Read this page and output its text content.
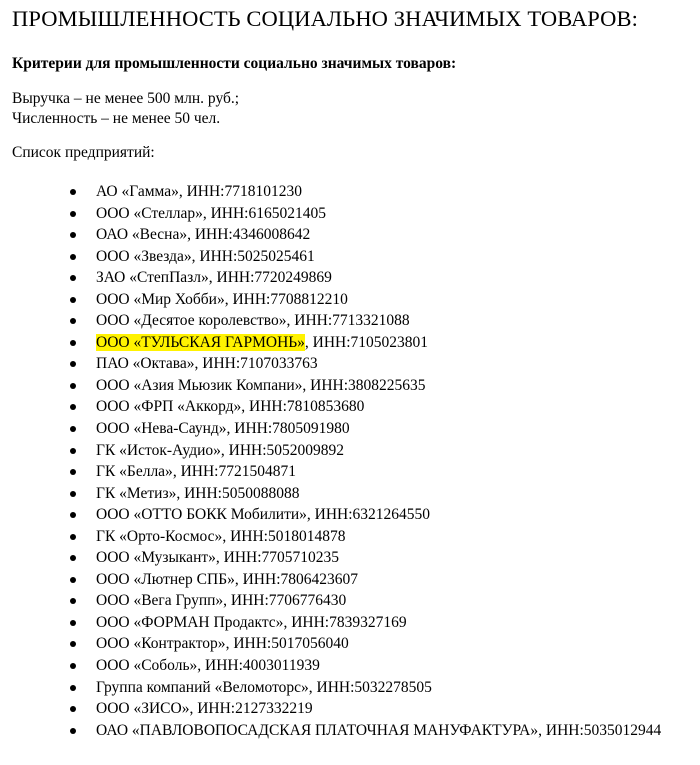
ПРОМЫШЛЕННОСТЬ СОЦИАЛЬНО ЗНАЧИМЫХ ТОВАРОВ:
Критерии для промышленности социально значимых товаров:
Выручка – не менее 500 млн. руб.;
Численность – не менее 50 чел.
Список предприятий:
АО «Гамма», ИНН:7718101230
ООО «Стеллар», ИНН:6165021405
ОАО «Весна», ИНН:4346008642
ООО «Звезда», ИНН:5025025461
ЗАО «СтепПазл», ИНН:7720249869
ООО «Мир Хобби», ИНН:7708812210
ООО «Десятое королевство», ИНН:7713321088
ООО «ТУЛЬСКАЯ ГАРМОНЬ», ИНН:7105023801
ПАО «Октава», ИНН:7107033763
ООО «Азия Мьюзик Компани», ИНН:3808225635
ООО «ФРП «Аккорд», ИНН:7810853680
ООО «Нева-Саунд», ИНН:7805091980
ГК «Исток-Аудио», ИНН:5052009892
ГК «Белла», ИНН:7721504871
ГК «Метиз», ИНН:5050088088
ООО «ОТТО БОКК Мобилити», ИНН:6321264550
ГК «Орто-Космос», ИНН:5018014878
ООО «Музыкант», ИНН:7705710235
ООО «Лютнер СПБ», ИНН:7806423607
ООО «Вега Групп», ИНН:7706776430
ООО «ФОРМАН Продактс», ИНН:7839327169
ООО «Контрактор», ИНН:5017056040
ООО «Соболь», ИНН:4003011939
Группа компаний «Веломоторс», ИНН:5032278505
ООО «ЗИСО», ИНН:2127332219
ОАО «ПАВЛОВОПОСАДСКАЯ ПЛАТОЧНАЯ МАНУФАКТУРА», ИНН:5035012944
